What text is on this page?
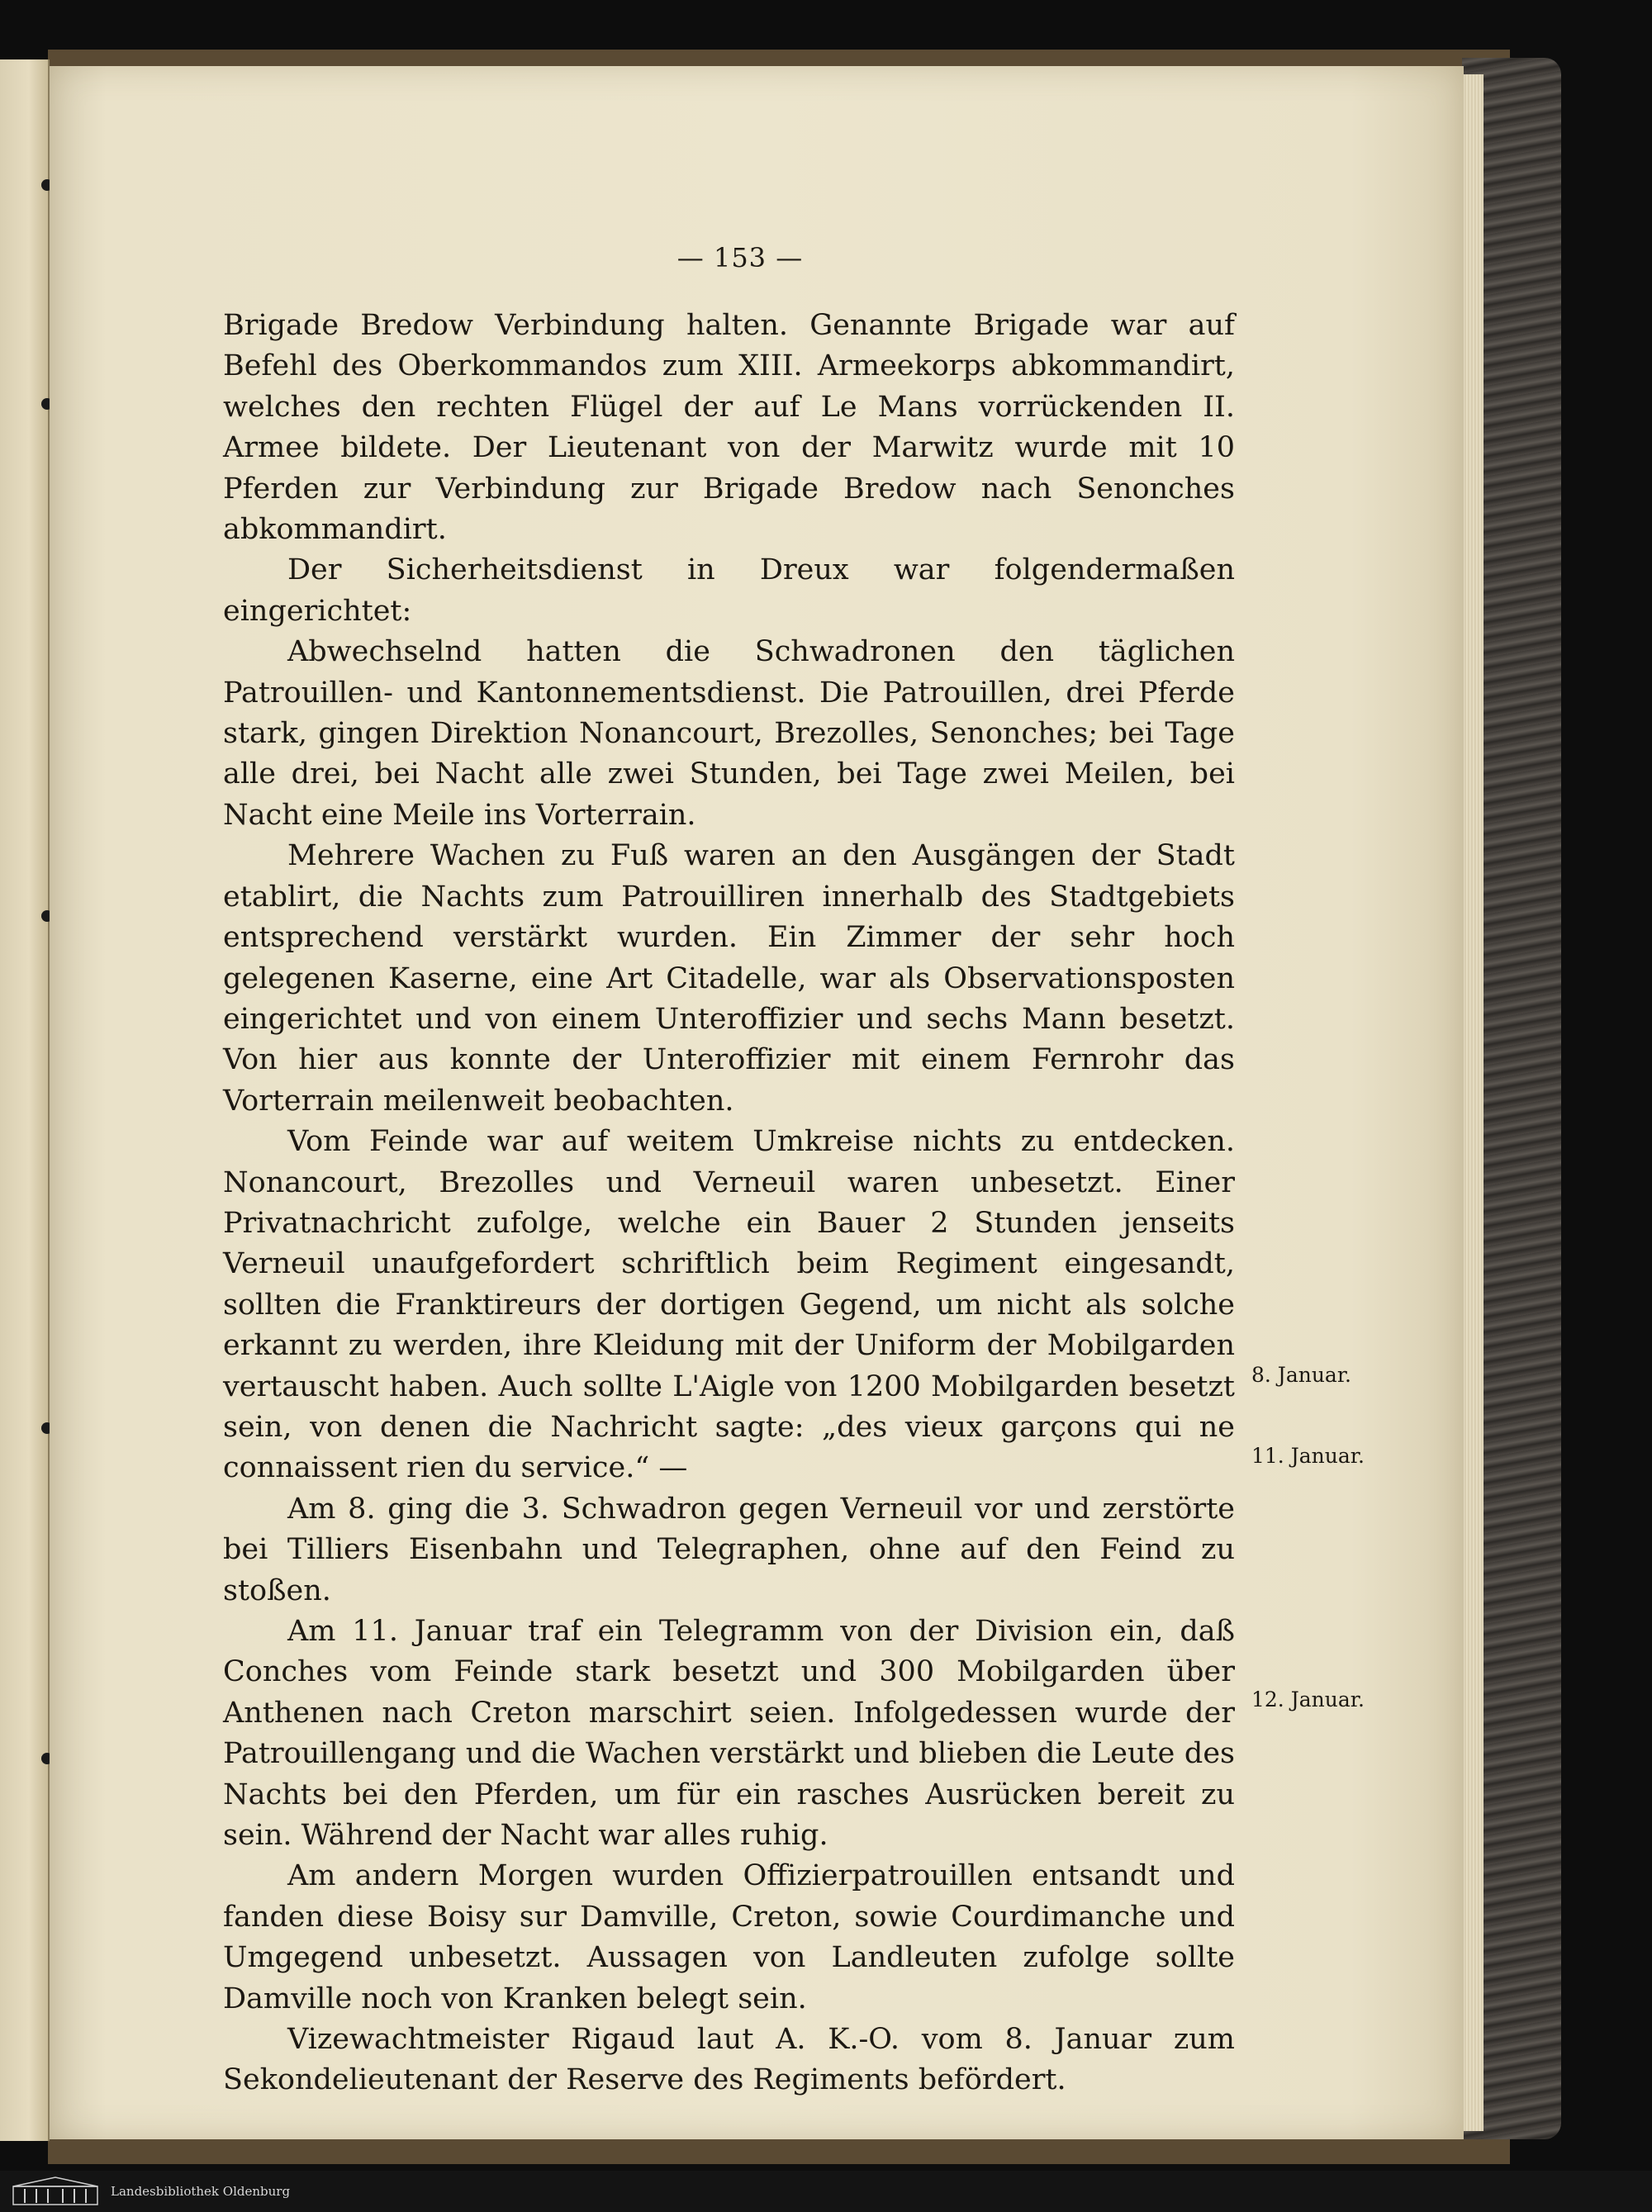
— 153 —

Brigade Bredow Verbindung halten. Genannte Brigade war auf Befehl des Oberkommandos zum XIII. Armeekorps abkommandirt, welches den rechten Flügel der auf Le Mans vorrückenden II. Armee bildete. Der Lieutenant von der Marwitz wurde mit 10 Pferden zur Verbindung zur Brigade Bredow nach Senonches abkommandirt.

Der Sicherheitsdienst in Dreux war folgendermaßen eingerichtet:

Abwechselnd hatten die Schwadronen den täglichen Patrouillen- und Kantonnementsdienst. Die Patrouillen, drei Pferde stark, gingen Direktion Nonancourt, Brezolles, Senonches; bei Tage alle drei, bei Nacht alle zwei Stunden, bei Tage zwei Meilen, bei Nacht eine Meile ins Vorterrain.

Mehrere Wachen zu Fuß waren an den Ausgängen der Stadt etablirt, die Nachts zum Patrouilliren innerhalb des Stadtgebiets entsprechend verstärkt wurden. Ein Zimmer der sehr hoch gelegenen Kaserne, eine Art Citadelle, war als Observationsposten eingerichtet und von einem Unteroffizier und sechs Mann besetzt. Von hier aus konnte der Unteroffizier mit einem Fernrohr das Vorterrain meilenweit beobachten.

Vom Feinde war auf weitem Umkreise nichts zu entdecken. Nonancourt, Brezolles und Verneuil waren unbesetzt. Einer Privatnachricht zufolge, welche ein Bauer 2 Stunden jenseits Verneuil unaufgefordert schriftlich beim Regiment eingesandt, sollten die Franktireurs der dortigen Gegend, um nicht als solche erkannt zu werden, ihre Kleidung mit der Uniform der Mobilgarden vertauscht haben. Auch sollte L'Aigle von 1200 Mobilgarden besetzt sein, von denen die Nachricht sagte: „des vieux garçons qui ne connaissent rien du service.“ —

Am 8. ging die 3. Schwadron gegen Verneuil vor und zerstörte bei Tilliers Eisenbahn und Telegraphen, ohne auf den Feind zu stoßen.

Am 11. Januar traf ein Telegramm von der Division ein, daß Conches vom Feinde stark besetzt und 300 Mobilgarden über Anthenen nach Creton marschirt seien. Infolgedessen wurde der Patrouillengang und die Wachen verstärkt und blieben die Leute des Nachts bei den Pferden, um für ein rasches Ausrücken bereit zu sein. Während der Nacht war alles ruhig.

Am andern Morgen wurden Offizierpatrouillen entsandt und fanden diese Boisy sur Damville, Creton, sowie Courdimanche und Umgegend unbesetzt. Aussagen von Landleuten zufolge sollte Damville noch von Kranken belegt sein.

Vizewachtmeister Rigaud laut A. K.-O. vom 8. Januar zum Sekondelieutenant der Reserve des Regiments befördert.

8. Januar.
11. Januar.
12. Januar.
Landesbibliothek Oldenburg
